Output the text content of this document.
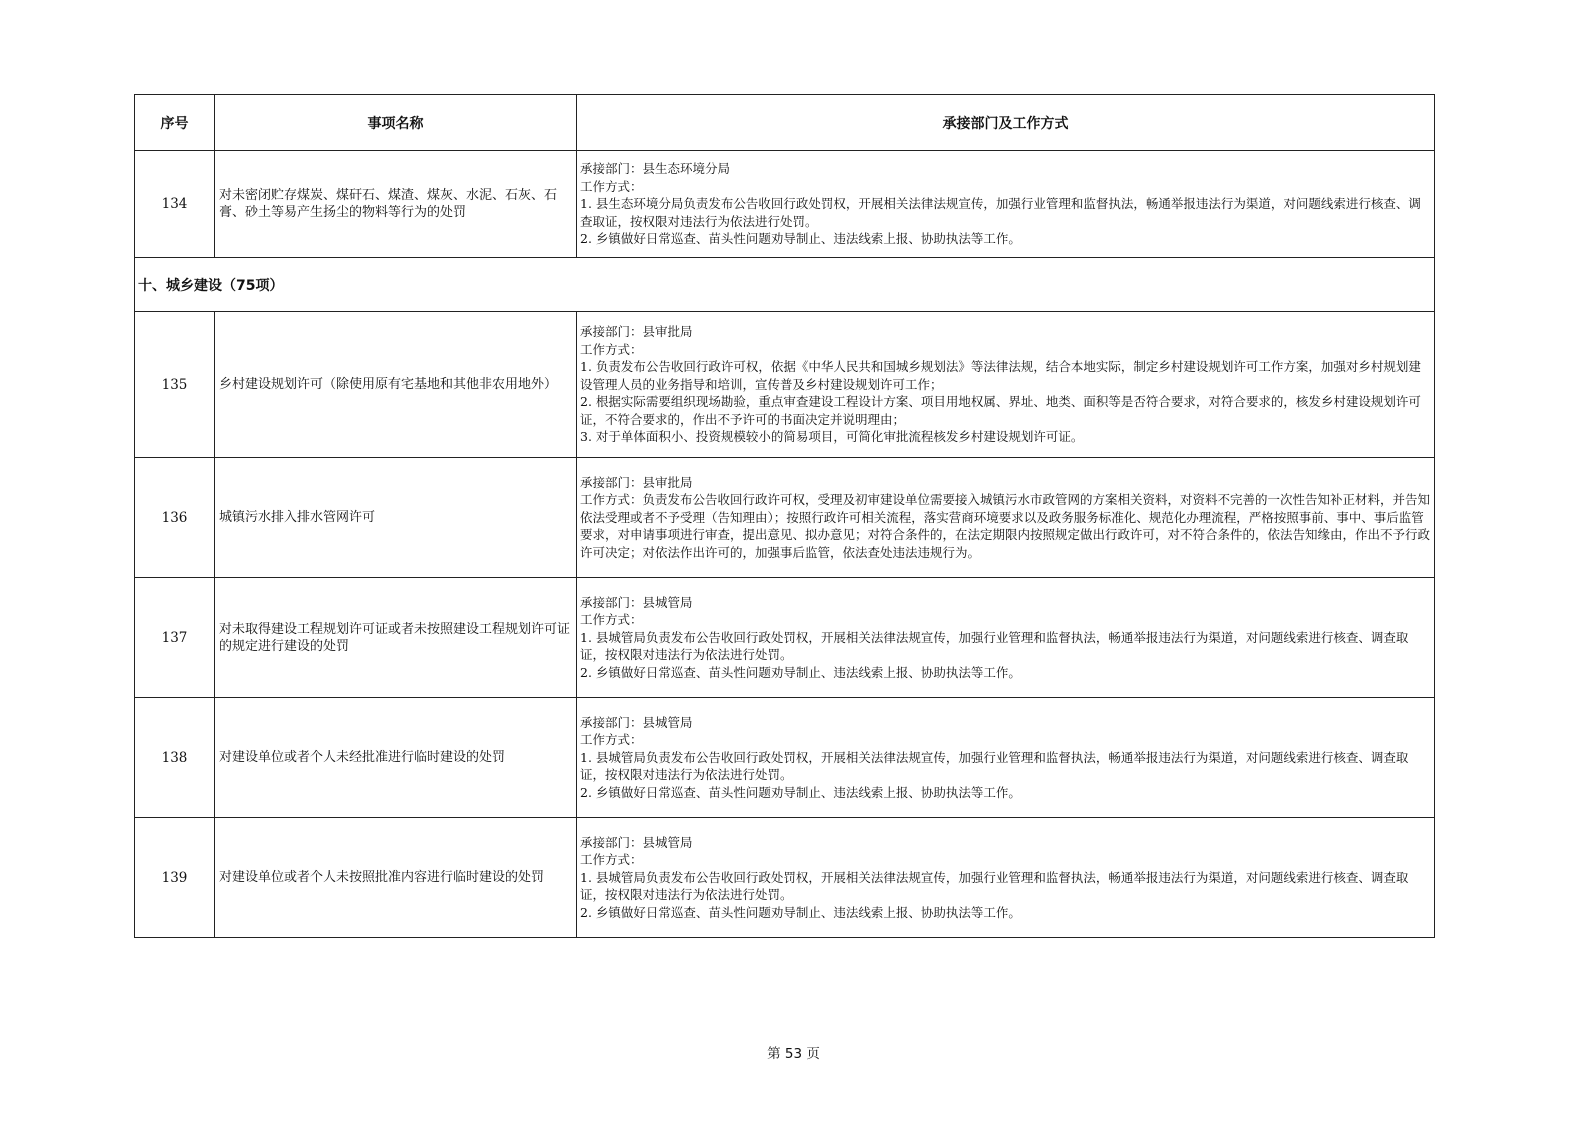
序号	事项名称	承接部门及工作方式
134	对未密闭贮存煤炭、煤矸石、煤渣、煤灰、水泥、石灰、石膏、砂土等易产生扬尘的物料等行为的处罚	承接部门：县生态环境分局
工作方式：
1. 县生态环境分局负责发布公告收回行政处罚权，开展相关法律法规宣传，加强行业管理和监督执法，畅通举报违法行为渠道，对问题线索进行核查、调查取证，按权限对违法行为依法进行处罚。
2. 乡镇做好日常巡查、苗头性问题劝导制止、违法线索上报、协助执法等工作。

十、城乡建设（75项）		
135	乡村建设规划许可（除使用原有宅基地和其他非农用地外）	承接部门：县审批局
工作方式：
1. 负责发布公告收回行政许可权，依据《中华人民共和国城乡规划法》等法律法规，结合本地实际，制定乡村建设规划许可工作方案，加强对乡村规划建设管理人员的业务指导和培训，宣传普及乡村建设规划许可工作；
2. 根据实际需要组织现场勘验，重点审查建设工程设计方案、项目用地权属、界址、地类、面积等是否符合要求，对符合要求的，核发乡村建设规划许可证，不符合要求的，作出不予许可的书面决定并说明理由；
3. 对于单体面积小、投资规模较小的简易项目，可简化审批流程核发乡村建设规划许可证。

136	城镇污水排入排水管网许可	承接部门：县审批局
工作方式：负责发布公告收回行政许可权，受理及初审建设单位需要接入城镇污水市政管网的方案相关资料，对资料不完善的一次性告知补正材料，并告知依法受理或者不予受理（告知理由）；按照行政许可相关流程，落实营商环境要求以及政务服务标准化、规范化办理流程，严格按照事前、事中、事后监管要求，对申请事项进行审查，提出意见、拟办意见；对符合条件的，在法定期限内按照规定做出行政许可，对不符合条件的，依法告知缘由，作出不予行政许可决定；对依法作出许可的，加强事后监管，依法查处违法违规行为。

137	对未取得建设工程规划许可证或者未按照建设工程规划许可证的规定进行建设的处罚	承接部门：县城管局
工作方式：
1. 县城管局负责发布公告收回行政处罚权，开展相关法律法规宣传，加强行业管理和监督执法，畅通举报违法行为渠道，对问题线索进行核查、调查取证，按权限对违法行为依法进行处罚。
2. 乡镇做好日常巡查、苗头性问题劝导制止、违法线索上报、协助执法等工作。

138	对建设单位或者个人未经批准进行临时建设的处罚	承接部门：县城管局
工作方式：
1. 县城管局负责发布公告收回行政处罚权，开展相关法律法规宣传，加强行业管理和监督执法，畅通举报违法行为渠道，对问题线索进行核查、调查取证，按权限对违法行为依法进行处罚。
2. 乡镇做好日常巡查、苗头性问题劝导制止、违法线索上报、协助执法等工作。

139	对建设单位或者个人未按照批准内容进行临时建设的处罚	承接部门：县城管局
工作方式：
1. 县城管局负责发布公告收回行政处罚权，开展相关法律法规宣传，加强行业管理和监督执法，畅通举报违法行为渠道，对问题线索进行核查、调查取证，按权限对违法行为依法进行处罚。
2. 乡镇做好日常巡查、苗头性问题劝导制止、违法线索上报、协助执法等工作。
第 53 页
